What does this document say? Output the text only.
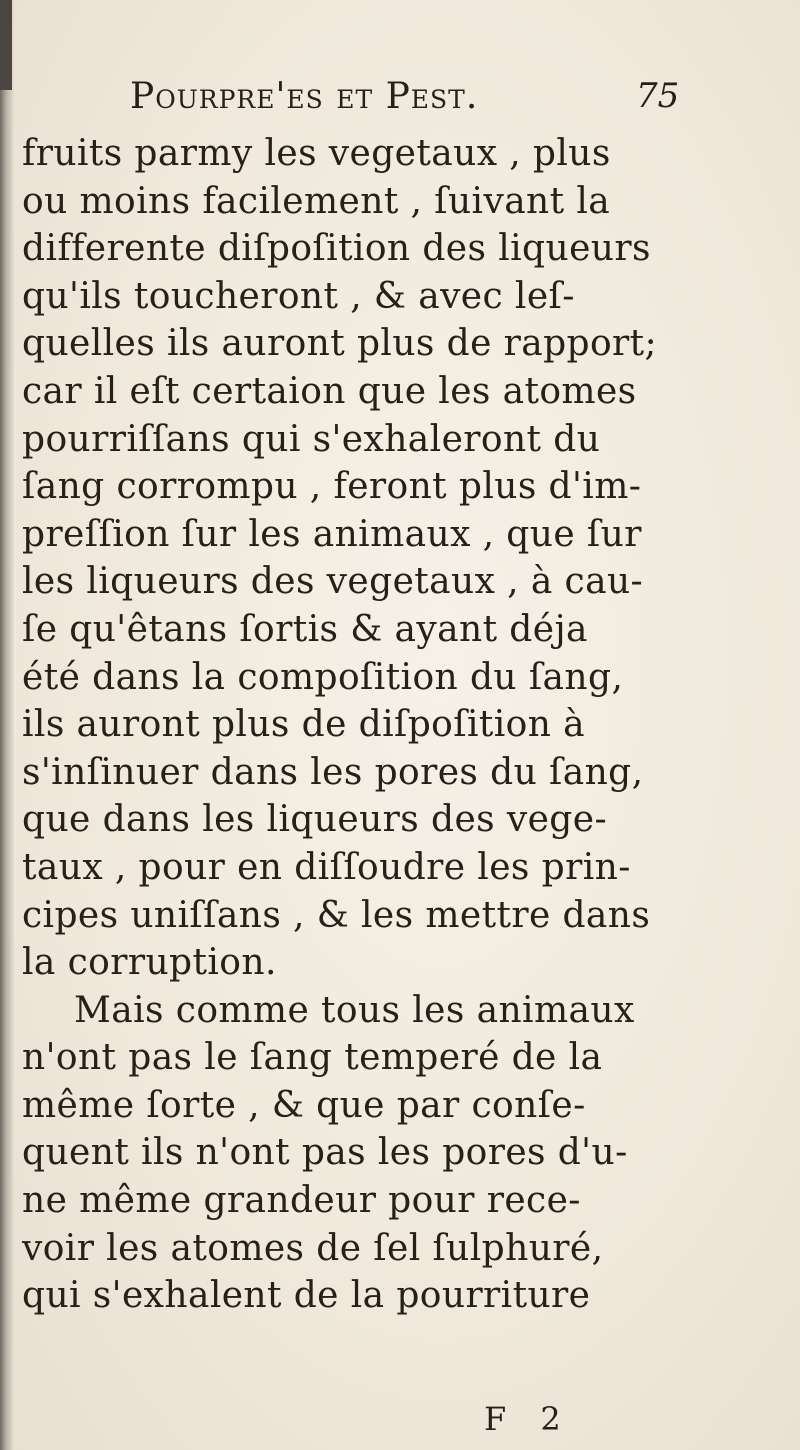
Pourpre'es et Pest.	75
fruits parmy les vegetaux , plus
ou moins facilement , ſuivant la
differente diſpoſition des liqueurs
qu'ils toucheront , & avec leſ-
quelles ils auront plus de rapport;
car il eſt certaion que les atomes
pourriſſans qui s'exhaleront du
ſang corrompu , feront plus d'im-
preſſion ſur les animaux , que ſur
les liqueurs des vegetaux , à cau-
ſe qu'êtans ſortis & ayant déja
été dans la compoſition du ſang,
ils auront plus de diſpoſition à
s'inſinuer dans les pores du ſang,
que dans les liqueurs des vege-
taux , pour en diſſoudre les prin-
cipes uniſſans , & les mettre dans
la corruption.
Mais comme tous les animaux
n'ont pas le ſang temperé de la
même ſorte , & que par conſe-
quent ils n'ont pas les pores d'u-
ne même grandeur pour rece-
voir les atomes de ſel ſulphuré,
qui s'exhalent de la pourriture
F 2
